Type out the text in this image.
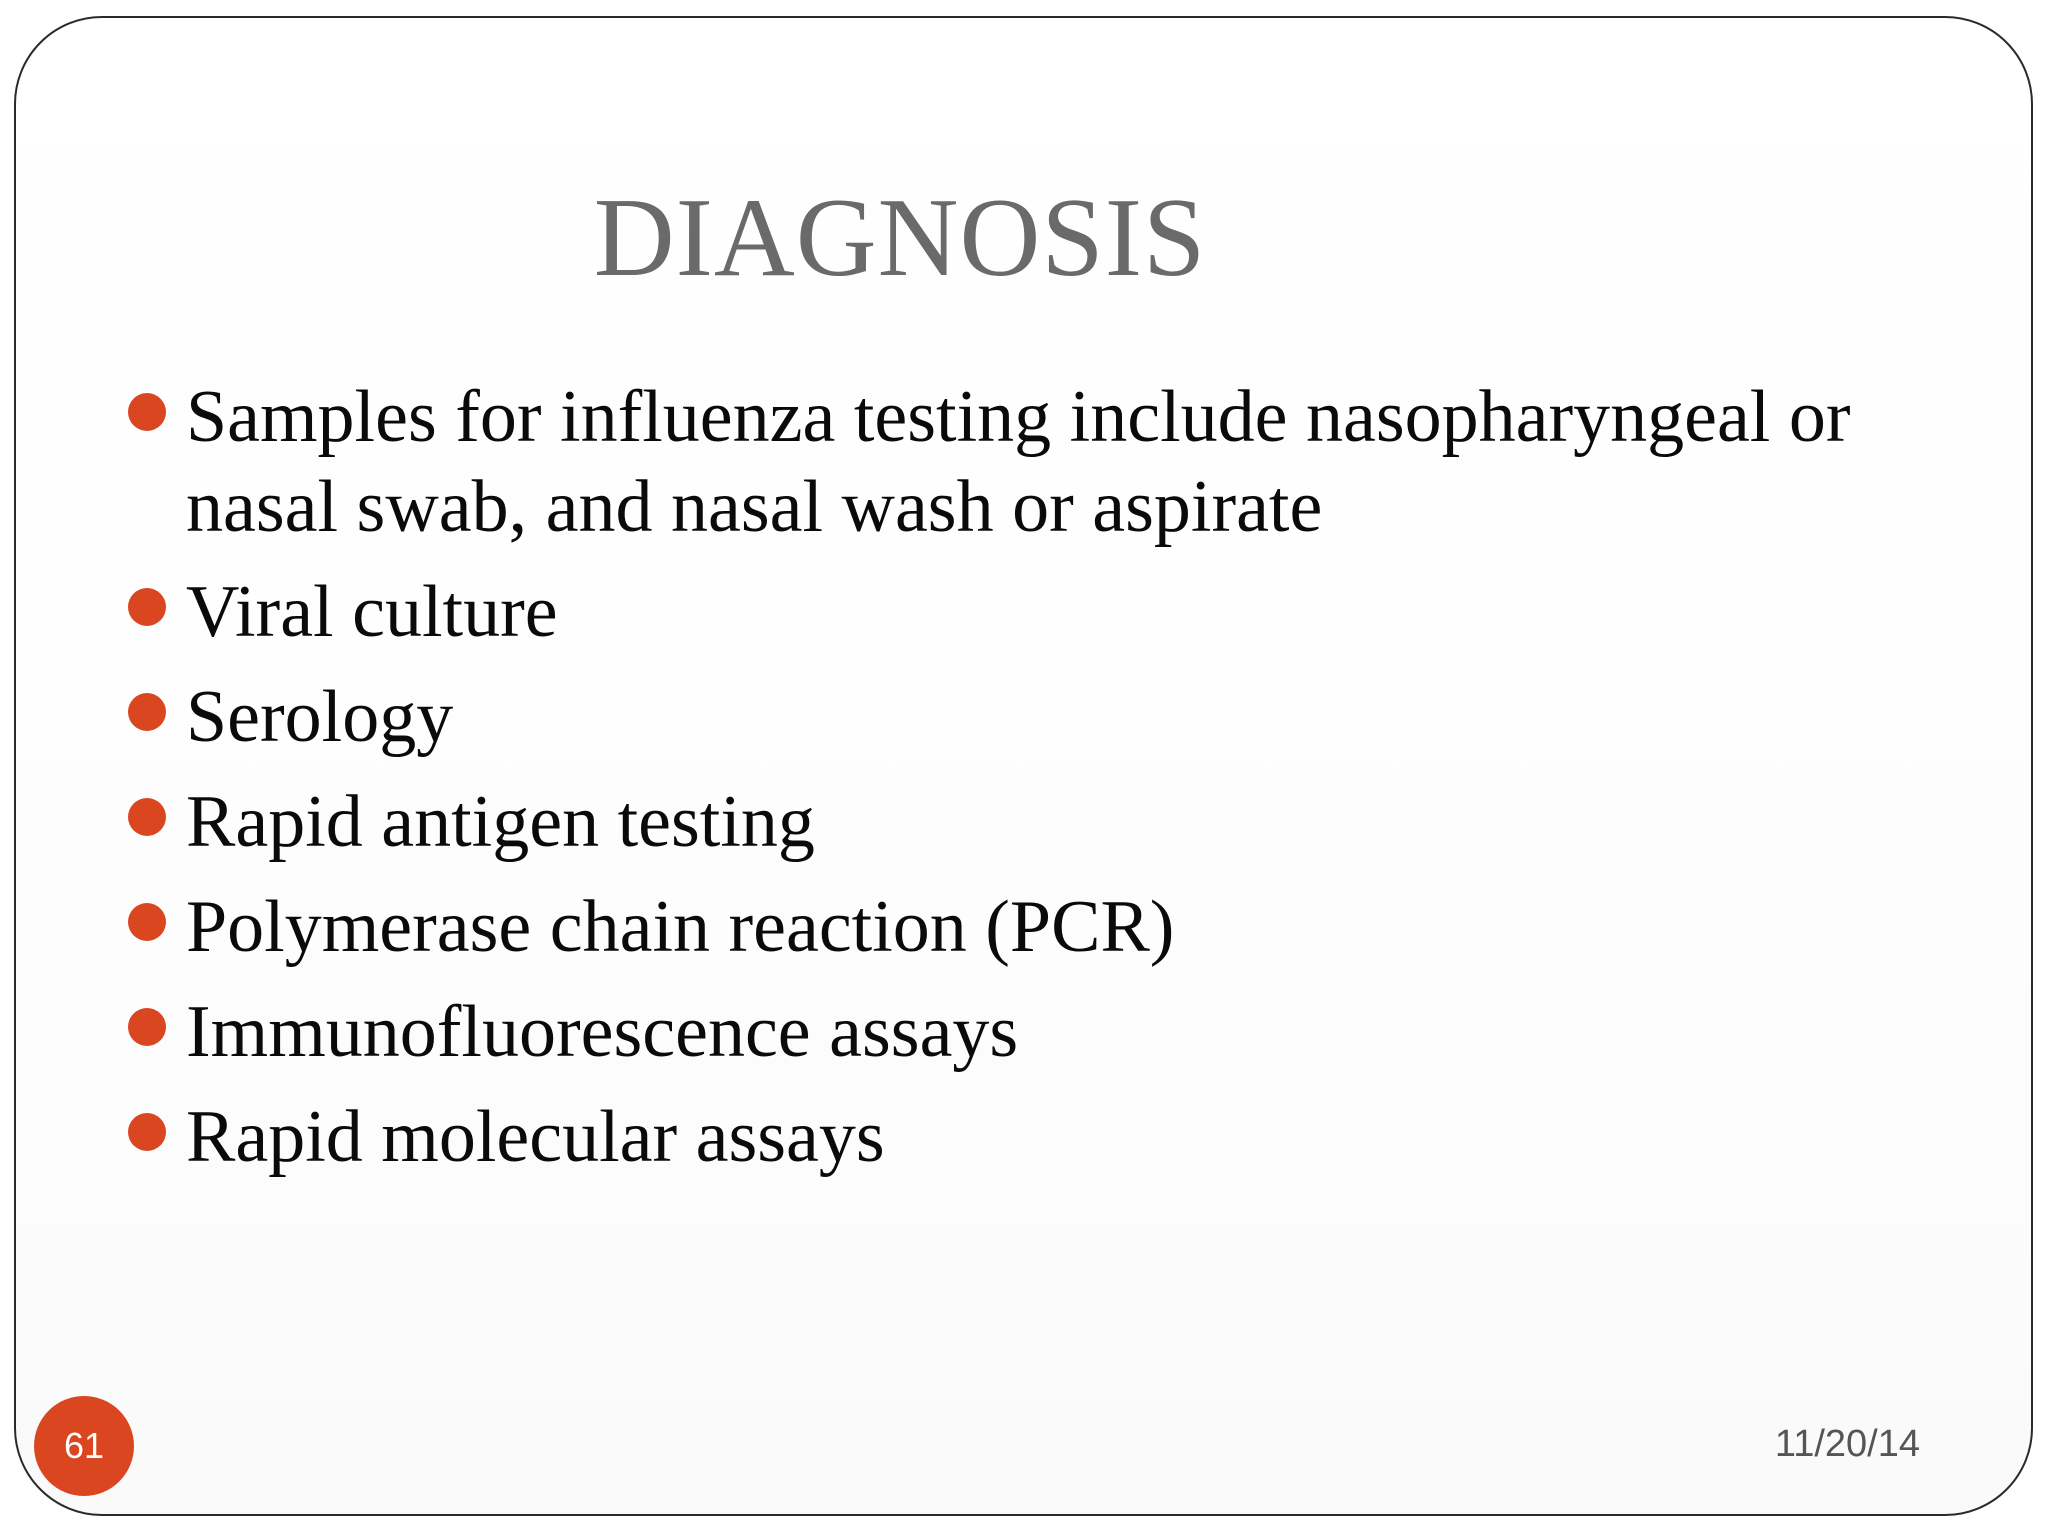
DIAGNOSIS
Samples for influenza testing include nasopharyngeal or nasal swab, and nasal wash or aspirate
Viral culture
Serology
Rapid antigen testing
Polymerase chain reaction (PCR)
Immunofluorescence assays
Rapid molecular assays
61	11/20/14
